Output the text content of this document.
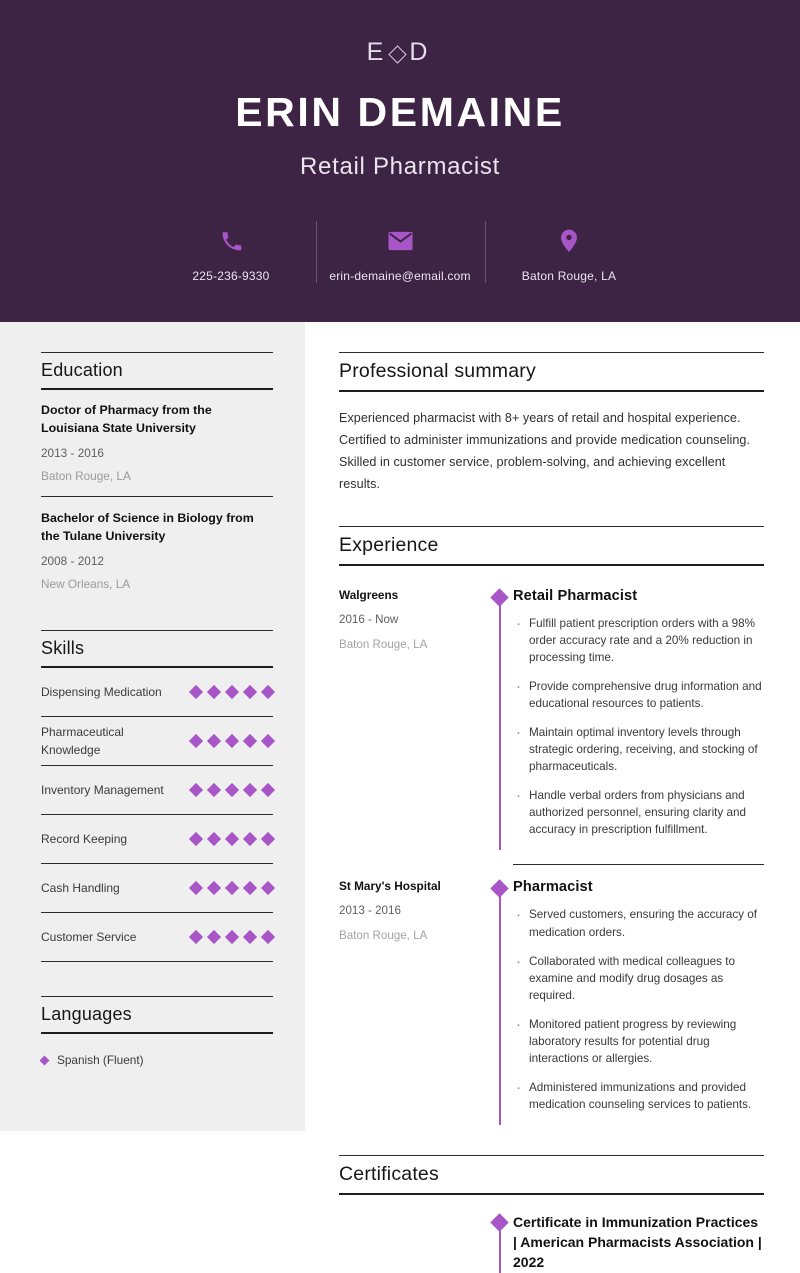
E D
ERIN DEMAINE
Retail Pharmacist
225-236-9330	erin-demaine@email.com	Baton Rouge, LA
Education
Doctor of Pharmacy from the Louisiana State University
2013 - 2016
Baton Rouge, LA
Bachelor of Science in Biology from the Tulane University
2008 - 2012
New Orleans, LA
Skills
Dispensing Medication
Pharmaceutical Knowledge
Inventory Management
Record Keeping
Cash Handling
Customer Service
Languages
Spanish (Fluent)
Professional summary
Experienced pharmacist with 8+ years of retail and hospital experience. Certified to administer immunizations and provide medication counseling. Skilled in customer service, problem-solving, and achieving excellent results.
Experience
Walgreens
2016 - Now
Baton Rouge, LA
Retail Pharmacist
· Fulfill patient prescription orders with a 98% order accuracy rate and a 20% reduction in processing time.
· Provide comprehensive drug information and educational resources to patients.
· Maintain optimal inventory levels through strategic ordering, receiving, and stocking of pharmaceuticals.
· Handle verbal orders from physicians and authorized personnel, ensuring clarity and accuracy in prescription fulfillment.
St Mary's Hospital
2013 - 2016
Baton Rouge, LA
Pharmacist
· Served customers, ensuring the accuracy of medication orders.
· Collaborated with medical colleagues to examine and modify drug dosages as required.
· Monitored patient progress by reviewing laboratory results for potential drug interactions or allergies.
· Administered immunizations and provided medication counseling services to patients.
Certificates
Certificate in Immunization Practices | American Pharmacists Association | 2022
